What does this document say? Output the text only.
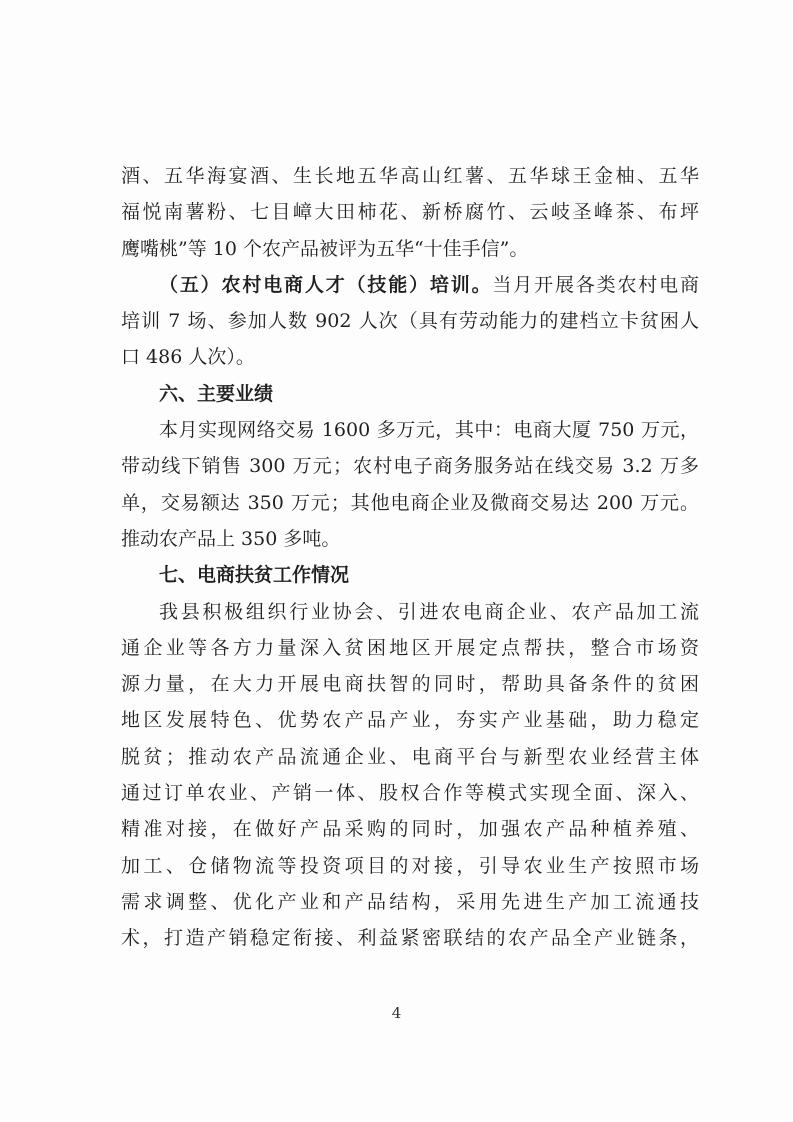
酒、五华海宴酒、生长地五华高山红薯、五华球王金柚、五华
福悦南薯粉、七目嶂大田柿花、新桥腐竹、云岐圣峰茶、布坪
鹰嘴桃”等 10 个农产品被评为五华“十佳手信”。
（五）农村电商人才（技能）培训。当月开展各类农村电商
培训 7 场、参加人数 902 人次（具有劳动能力的建档立卡贫困人
口 486 人次）。
六、主要业绩
本月实现网络交易 1600 多万元，其中：电商大厦 750 万元，
带动线下销售 300 万元；农村电子商务服务站在线交易 3.2 万多
单，交易额达 350 万元；其他电商企业及微商交易达 200 万元。
推动农产品上 350 多吨。
七、电商扶贫工作情况
我县积极组织行业协会、引进农电商企业、农产品加工流
通企业等各方力量深入贫困地区开展定点帮扶，整合市场资
源力量，在大力开展电商扶智的同时，帮助具备条件的贫困
地区发展特色、优势农产品产业，夯实产业基础，助力稳定
脱贫；推动农产品流通企业、电商平台与新型农业经营主体
通过订单农业、产销一体、股权合作等模式实现全面、深入、
精准对接，在做好产品采购的同时，加强农产品种植养殖、
加工、仓储物流等投资项目的对接，引导农业生产按照市场
需求调整、优化产业和产品结构，采用先进生产加工流通技
术，打造产销稳定衔接、利益紧密联结的农产品全产业链条，
4
